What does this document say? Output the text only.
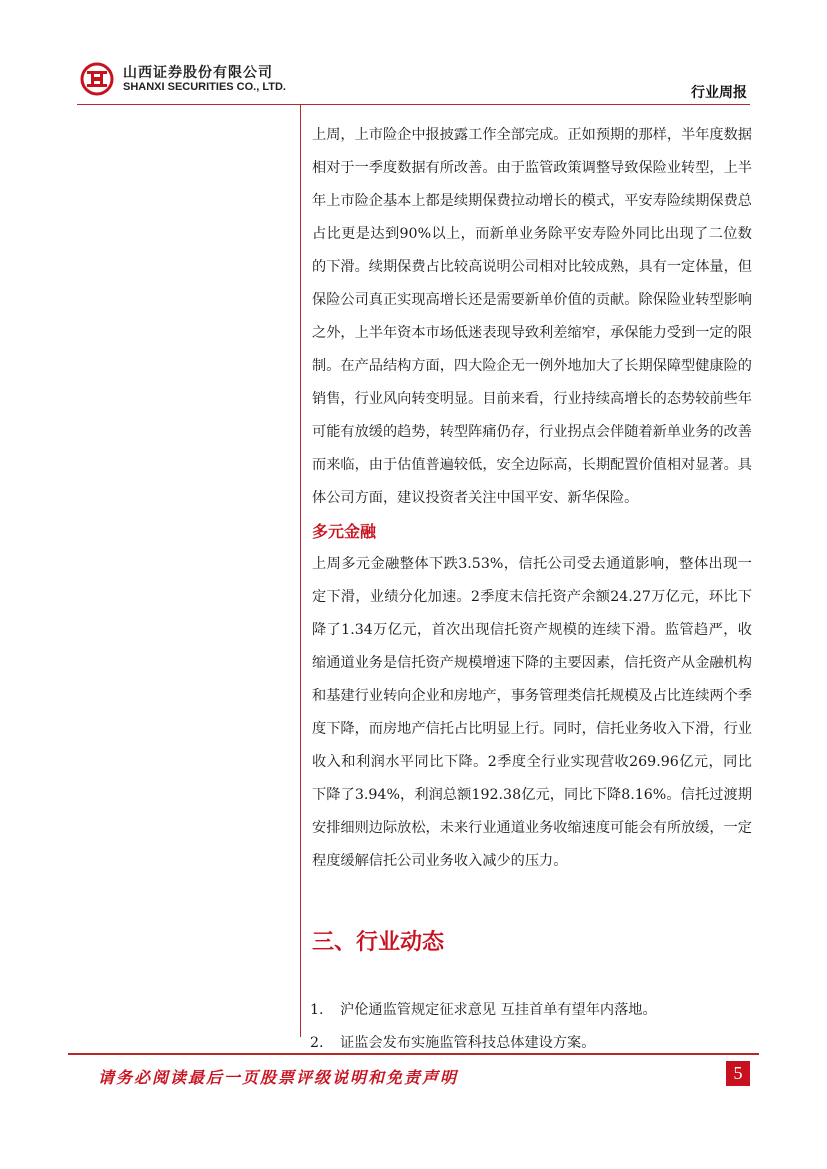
山西证券股份有限公司
SHANXI SECURITIES CO., LTD.	行业周报

上周，上市险企中报披露工作全部完成。正如预期的那样，半年度数据相对于一季度数据有所改善。由于监管政策调整导致保险业转型，上半年上市险企基本上都是续期保费拉动增长的模式，平安寿险续期保费总占比更是达到90%以上，而新单业务除平安寿险外同比出现了二位数的下滑。续期保费占比较高说明公司相对比较成熟，具有一定体量，但保险公司真正实现高增长还是需要新单价值的贡献。除保险业转型影响之外，上半年资本市场低迷表现导致利差缩窄，承保能力受到一定的限制。在产品结构方面，四大险企无一例外地加大了长期保障型健康险的销售，行业风向转变明显。目前来看，行业持续高增长的态势较前些年可能有放缓的趋势，转型阵痛仍存，行业拐点会伴随着新单业务的改善而来临，由于估值普遍较低，安全边际高，长期配置价值相对显著。具体公司方面，建议投资者关注中国平安、新华保险。

多元金融

上周多元金融整体下跌3.53%，信托公司受去通道影响，整体出现一定下滑，业绩分化加速。2季度末信托资产余额24.27万亿元，环比下降了1.34万亿元，首次出现信托资产规模的连续下滑。监管趋严，收缩通道业务是信托资产规模增速下降的主要因素，信托资产从金融机构和基建行业转向企业和房地产，事务管理类信托规模及占比连续两个季度下降，而房地产信托占比明显上行。同时，信托业务收入下滑，行业收入和利润水平同比下降。2季度全行业实现营收269.96亿元，同比下降了3.94%，利润总额192.38亿元，同比下降8.16%。信托过渡期安排细则边际放松，未来行业通道业务收缩速度可能会有所放缓，一定程度缓解信托公司业务收入减少的压力。

三、行业动态
1.	沪伦通监管规定征求意见 互挂首单有望年内落地。
2.	证监会发布实施监管科技总体建设方案。
请务必阅读最后一页股票评级说明和免责声明	5
